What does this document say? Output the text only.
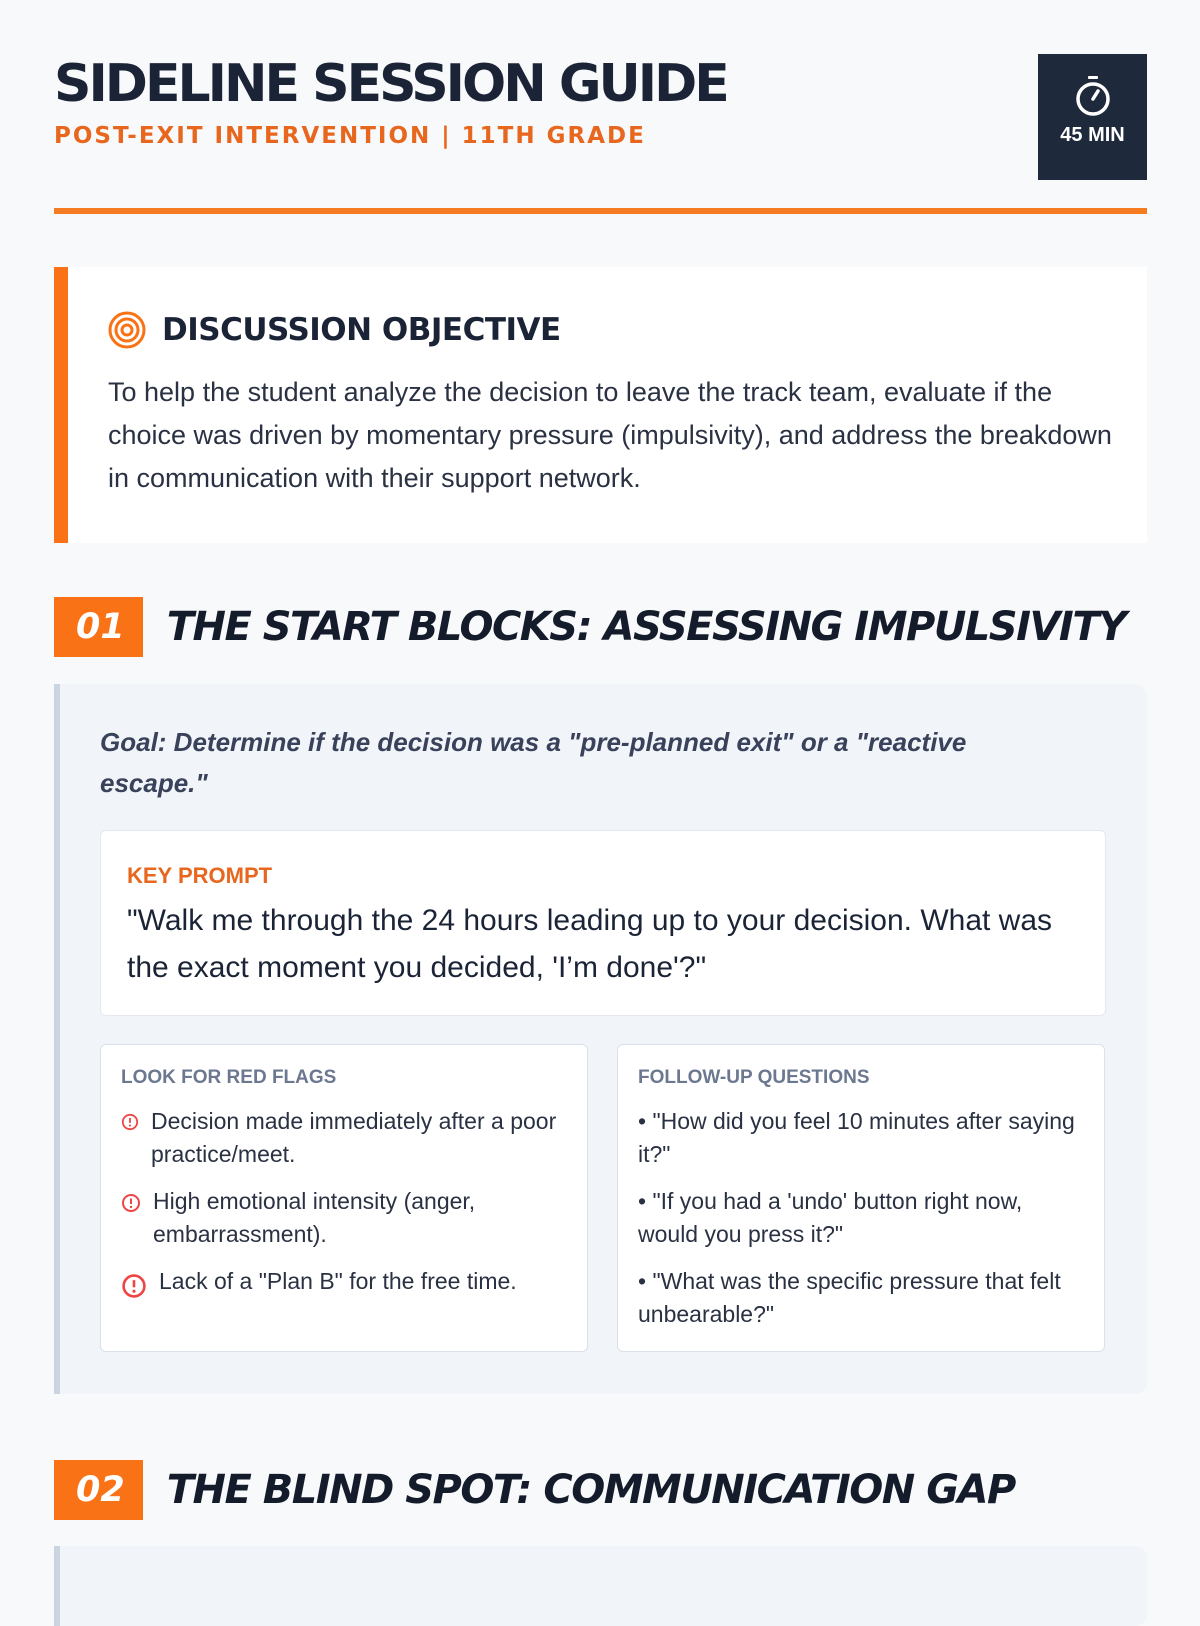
SIDELINE SESSION GUIDE
POST-EXIT INTERVENTION | 11TH GRADE	45 MIN
DISCUSSION OBJECTIVE
To help the student analyze the decision to leave the track team, evaluate if the choice was driven by momentary pressure (impulsivity), and address the breakdown in communication with their support network.
01	THE START BLOCKS: ASSESSING IMPULSIVITY
Goal: Determine if the decision was a "pre-planned exit" or a "reactive escape."
KEY PROMPT
"Walk me through the 24 hours leading up to your decision. What was the exact moment you decided, 'I’m done'?"
LOOK FOR RED FLAGS
Decision made immediately after a poor practice/meet.
High emotional intensity (anger, embarrassment).
Lack of a "Plan B" for the free time.
FOLLOW-UP QUESTIONS
• "How did you feel 10 minutes after saying it?"
• "If you had a 'undo' button right now, would you press it?"
• "What was the specific pressure that felt unbearable?"
02	THE BLIND SPOT: COMMUNICATION GAP
